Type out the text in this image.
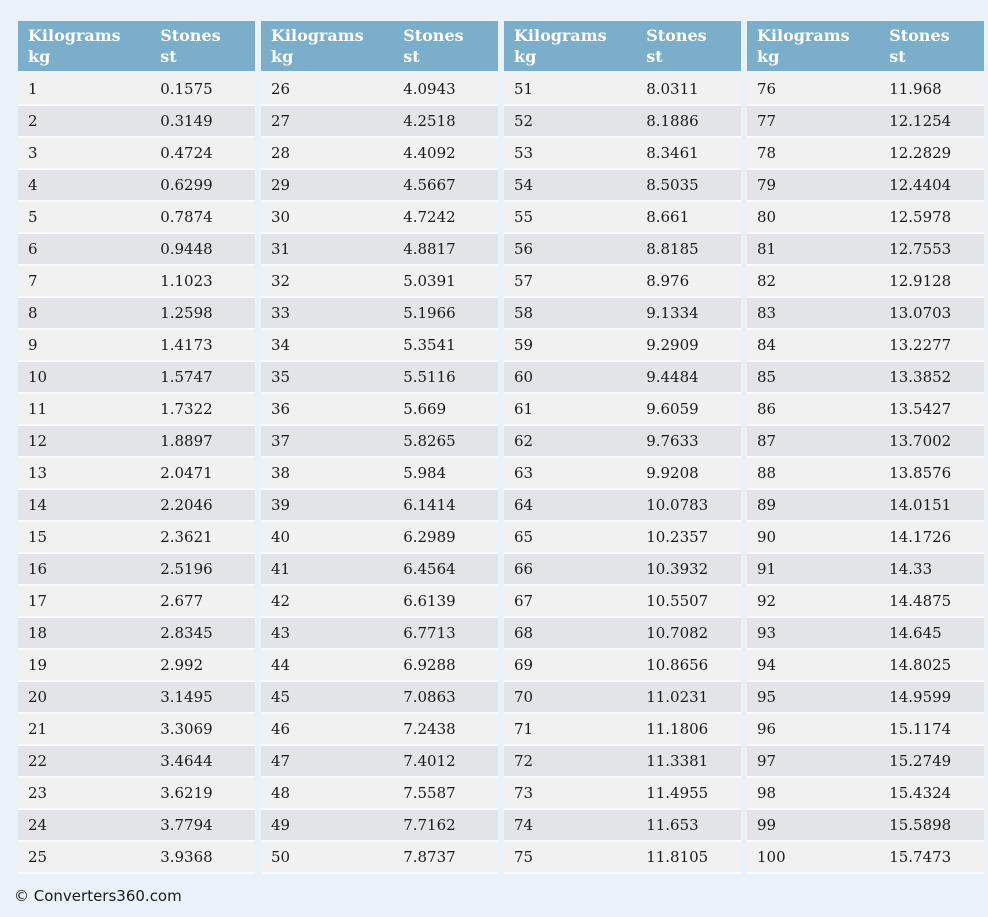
Kilograms
kg
Stones
st
1	0.1575
2	0.3149
3	0.4724
4	0.6299
5	0.7874
6	0.9448
7	1.1023
8	1.2598
9	1.4173
10	1.5747
11	1.7322
12	1.8897
13	2.0471
14	2.2046
15	2.3621
16	2.5196
17	2.677
18	2.8345
19	2.992
20	3.1495
21	3.3069
22	3.4644
23	3.6219
24	3.7794
25	3.9368
Kilograms
kg
Stones
st
26	4.0943
27	4.2518
28	4.4092
29	4.5667
30	4.7242
31	4.8817
32	5.0391
33	5.1966
34	5.3541
35	5.5116
36	5.669
37	5.8265
38	5.984
39	6.1414
40	6.2989
41	6.4564
42	6.6139
43	6.7713
44	6.9288
45	7.0863
46	7.2438
47	7.4012
48	7.5587
49	7.7162
50	7.8737
Kilograms
kg
Stones
st
51	8.0311
52	8.1886
53	8.3461
54	8.5035
55	8.661
56	8.8185
57	8.976
58	9.1334
59	9.2909
60	9.4484
61	9.6059
62	9.7633
63	9.9208
64	10.0783
65	10.2357
66	10.3932
67	10.5507
68	10.7082
69	10.8656
70	11.0231
71	11.1806
72	11.3381
73	11.4955
74	11.653
75	11.8105
Kilograms
kg
Stones
st
76	11.968
77	12.1254
78	12.2829
79	12.4404
80	12.5978
81	12.7553
82	12.9128
83	13.0703
84	13.2277
85	13.3852
86	13.5427
87	13.7002
88	13.8576
89	14.0151
90	14.1726
91	14.33
92	14.4875
93	14.645
94	14.8025
95	14.9599
96	15.1174
97	15.2749
98	15.4324
99	15.5898
100	15.7473
© Converters360.com
